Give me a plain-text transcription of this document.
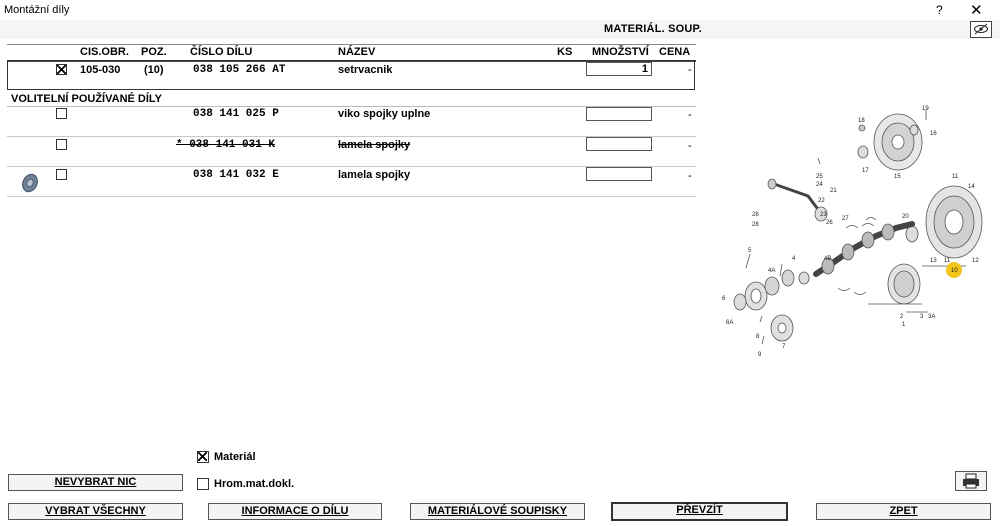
Montážní díly	? ✕
MATERIÁL. SOUP.
CIS.OBR. POZ. ČÍSLO DÍLU	NÁZEV	KS MNOŽSTVÍ CENA
105-030 (10)	038 105 266 AT	setrvacnik	1	-
VOLITELNÍ POUŽÍVANÉ DÍLY
038 141 025 P	viko spojky uplne	-
* 038 141 031 K	lamela spojky	-
038 141 032 E	lamela spojky	-
19
18
16
17
15	11
14
25
24
21
22
23	20
28
28	26
27
4B
4
4A
5
13 11	12
10
2	3 3A
1
6
6A
7
8
9
Materiál
Hrom.mat.dokl.
NEVYBRAT NIC
VYBRAT VŠECHNY	INFORMACE O DÍLU	MATERIÁLOVÉ SOUPISKY	PŘEVZÍT	ZPET
